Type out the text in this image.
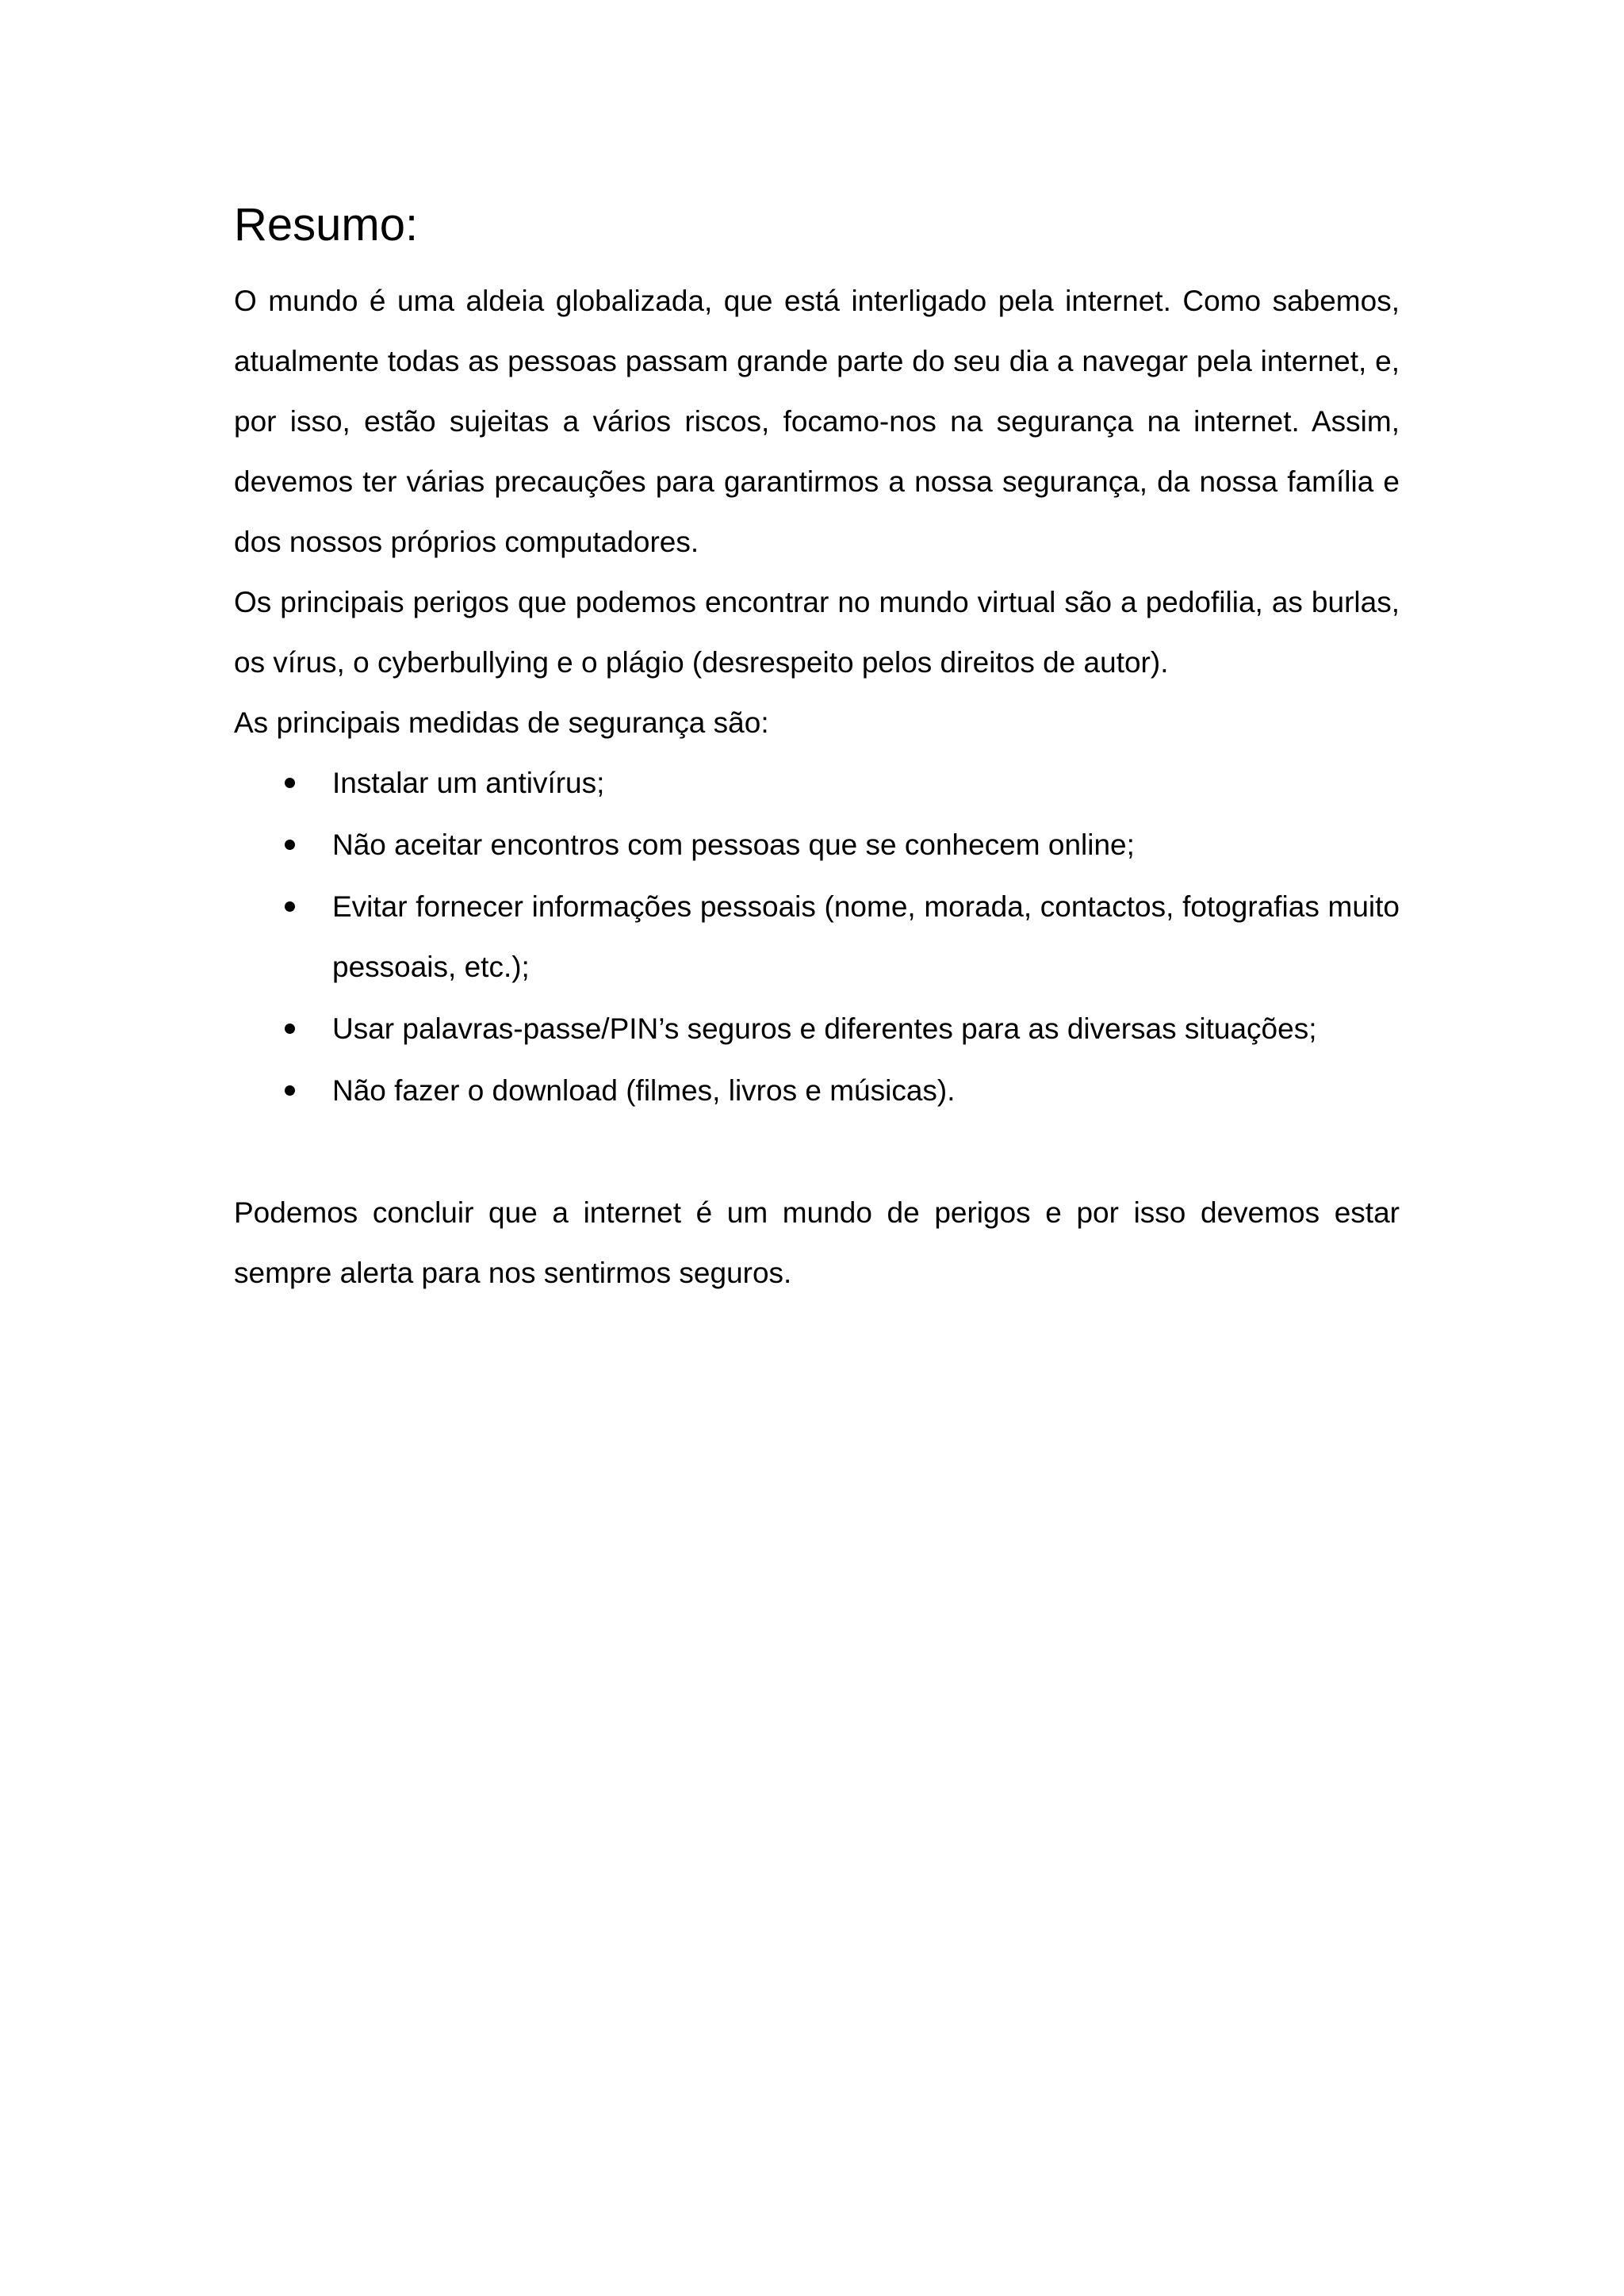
Resumo:

O mundo é uma aldeia globalizada, que está interligado pela internet. Como sabemos, atualmente todas as pessoas passam grande parte do seu dia a navegar pela internet, e, por isso, estão sujeitas a vários riscos, focamo-nos na segurança na internet. Assim, devemos ter várias precauções para garantirmos a nossa segurança, da nossa família e dos nossos próprios computadores.

Os principais perigos que podemos encontrar no mundo virtual são a pedofilia, as burlas, os vírus, o cyberbullying e o plágio (desrespeito pelos direitos de autor).

As principais medidas de segurança são:

Instalar um antivírus;
Não aceitar encontros com pessoas que se conhecem online;
Evitar fornecer informações pessoais (nome, morada, contactos, fotografias muito pessoais, etc.);
Usar palavras-passe/PIN’s seguros e diferentes para as diversas situações;
Não fazer o download (filmes, livros e músicas).

Podemos concluir que a internet é um mundo de perigos e por isso devemos estar sempre alerta para nos sentirmos seguros.
